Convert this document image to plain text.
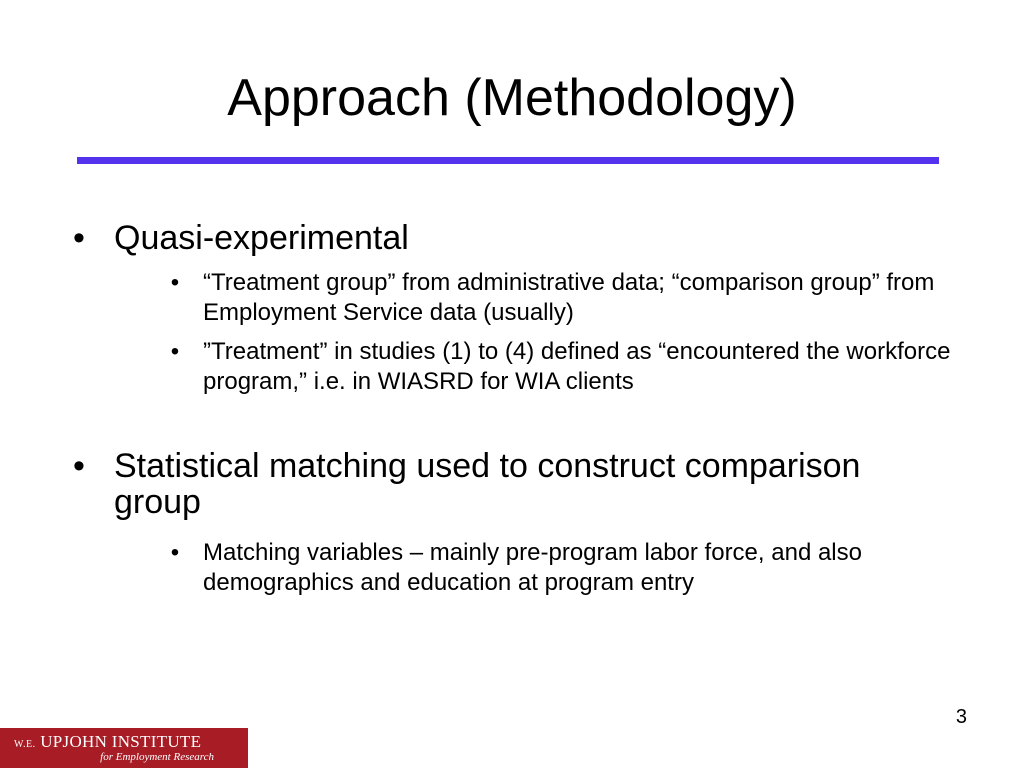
Approach (Methodology)
• Quasi-experimental
• “Treatment group” from administrative data; “comparison group” from Employment Service data (usually)
• ”Treatment” in studies (1) to (4) defined as “encountered the workforce program,” i.e. in WIASRD for WIA clients
• Statistical matching used to construct comparison group
• Matching variables – mainly pre-program labor force, and also demographics and education at program entry
3
W.E. UPJOHN INSTITUTE
for Employment Research
